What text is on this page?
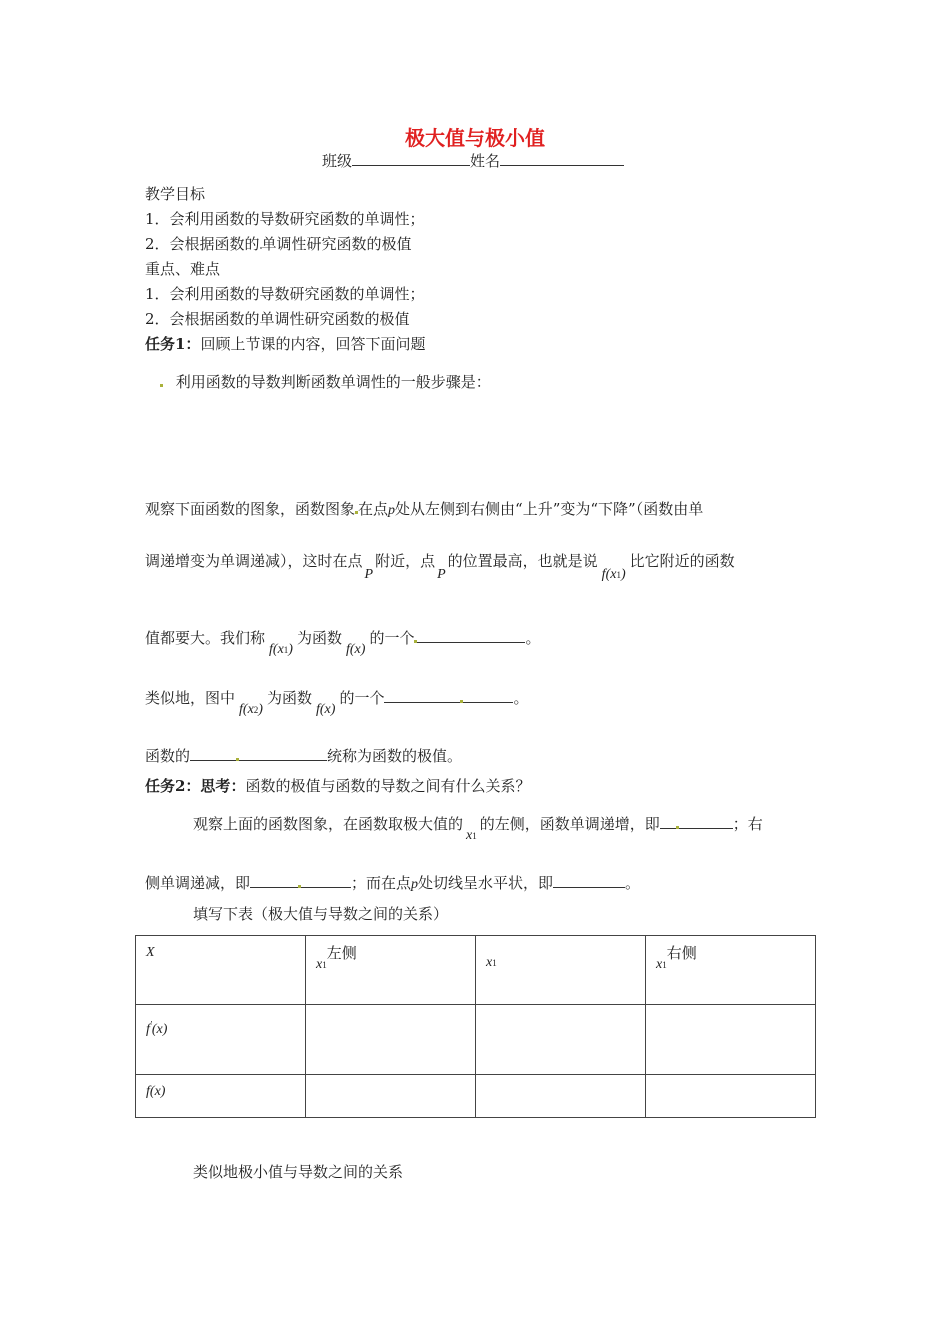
极大值与极小值
班级	姓名
教学目标
1．会利用函数的导数研究函数的单调性；
2．会根据函数的 单调性研究函数的极值
重点、难点
1．会利用函数的导数研究函数的单调性；
2．会根据函数的单调性研究函数的极值
任务1：回顾上节课的内容，回答下面问题
利用函数的导数判断函数单调性的一般步骤是：
观察下面函数的图象，函数图象 在点p处从左侧到右侧由“上升”变为“下降”（函数由单
调递增变为单调递减），这时在点P附近，点P的位置最高，也就是说f(x1)比它附近的函数
值都要大。我们称f(x1)为函数f(x)的一个	。
类似地，图中f(x2)为函数f(x)的一个	。
函数的	统称为函数的极值。
任务2：思考：函数的极值与函数的导数之间有什么关系？
观察上面的函数图象，在函数取极大值的x1的左侧，函数单调递增，即	；右
侧单调递减，即	；而在点p处切线呈水平状，即	。
填写下表（极大值与导数之间的关系）
X	x1左侧	x1	x1右侧
f′(x)			
f(x)			
类似地极小值与导数之间的关系
